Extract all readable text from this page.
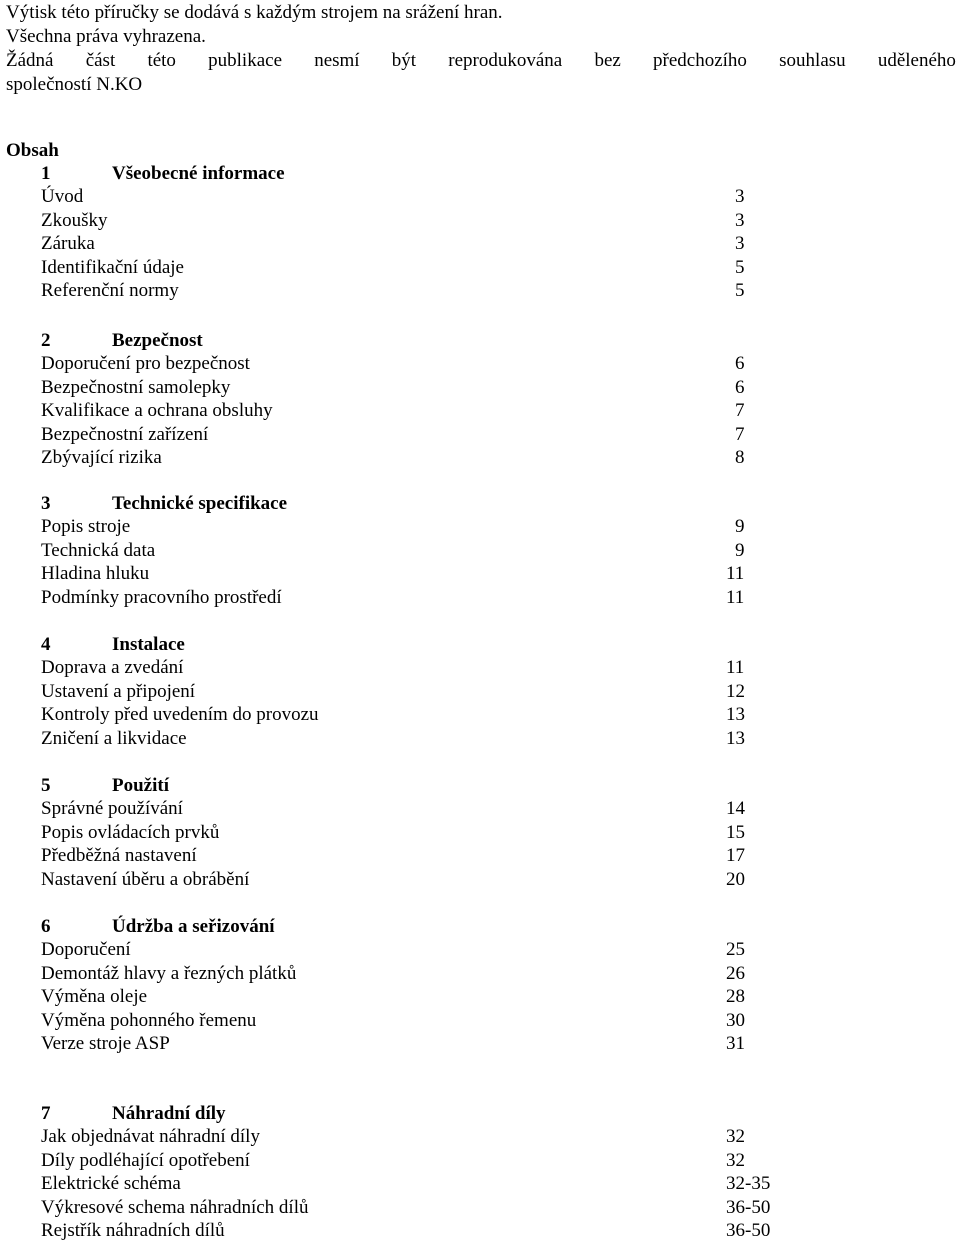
Výtisk této příručky se dodává s každým strojem na srážení hran.
Všechna práva vyhrazena.
Žádná část této publikace nesmí být reprodukována bez předchozího souhlasu uděleného
společností N.KO
Obsah
1	Všeobecné informace
Úvod	3
Zkoušky	3
Záruka	3
Identifikační údaje	5
Referenční normy	5
2	Bezpečnost
Doporučení pro bezpečnost	6
Bezpečnostní samolepky	6
Kvalifikace a ochrana obsluhy	7
Bezpečnostní zařízení	7
Zbývající rizika	8
3	Technické specifikace
Popis stroje	9
Technická data	9
Hladina hluku	11
Podmínky pracovního prostředí	11
4	Instalace
Doprava a zvedání	11
Ustavení a připojení	12
Kontroly před uvedením do provozu	13
Zničení a likvidace	13
5	Použití
Správné používání	14
Popis ovládacích prvků	15
Předběžná nastavení	17
Nastavení úběru a obrábění	20
6	Údržba a seřizování
Doporučení	25
Demontáž hlavy a řezných plátků	26
Výměna oleje	28
Výměna pohonného řemenu	30
Verze stroje ASP	31
7	Náhradní díly
Jak objednávat náhradní díly	32
Díly podléhající opotřebení	32
Elektrické schéma	32-35
Výkresové schema náhradních dílů	36-50
Rejstřík náhradních dílů	36-50
